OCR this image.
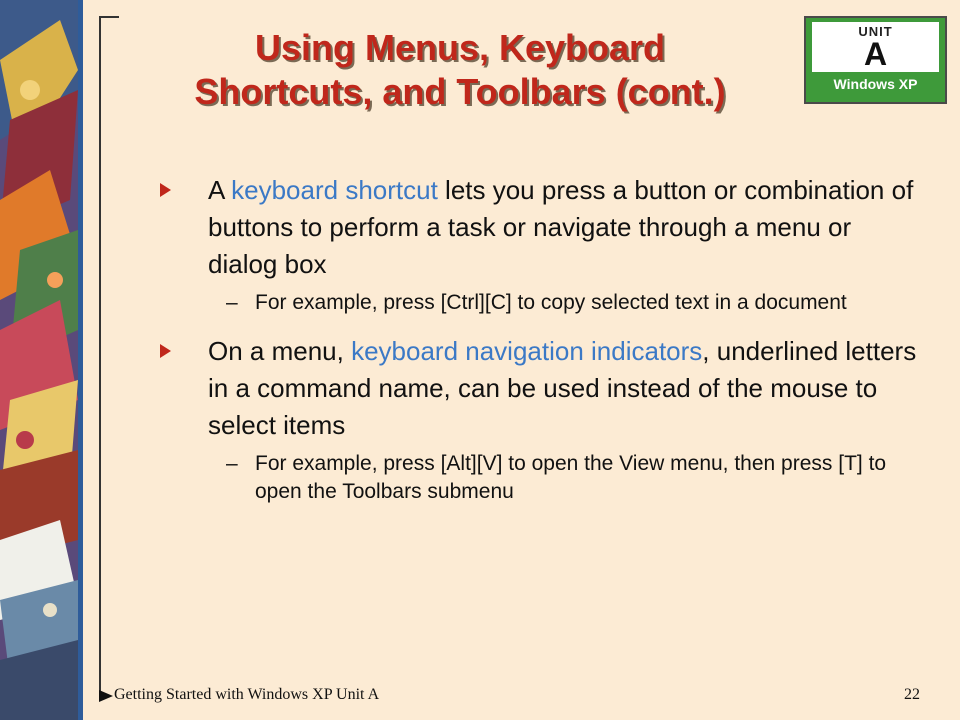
Using Menus, Keyboard
Shortcuts, and Toolbars (cont.)
UNIT
A
Windows XP
A keyboard shortcut lets you press a button or combination of buttons to perform a task or navigate through a menu or dialog box
– For example, press [Ctrl][C] to copy selected text in a document
On a menu, keyboard navigation indicators, underlined letters in a command name, can be used instead of the mouse to select items
– For example, press [Alt][V] to open the View menu, then press [T] to open the Toolbars submenu
Getting Started with Windows XP Unit A	22
